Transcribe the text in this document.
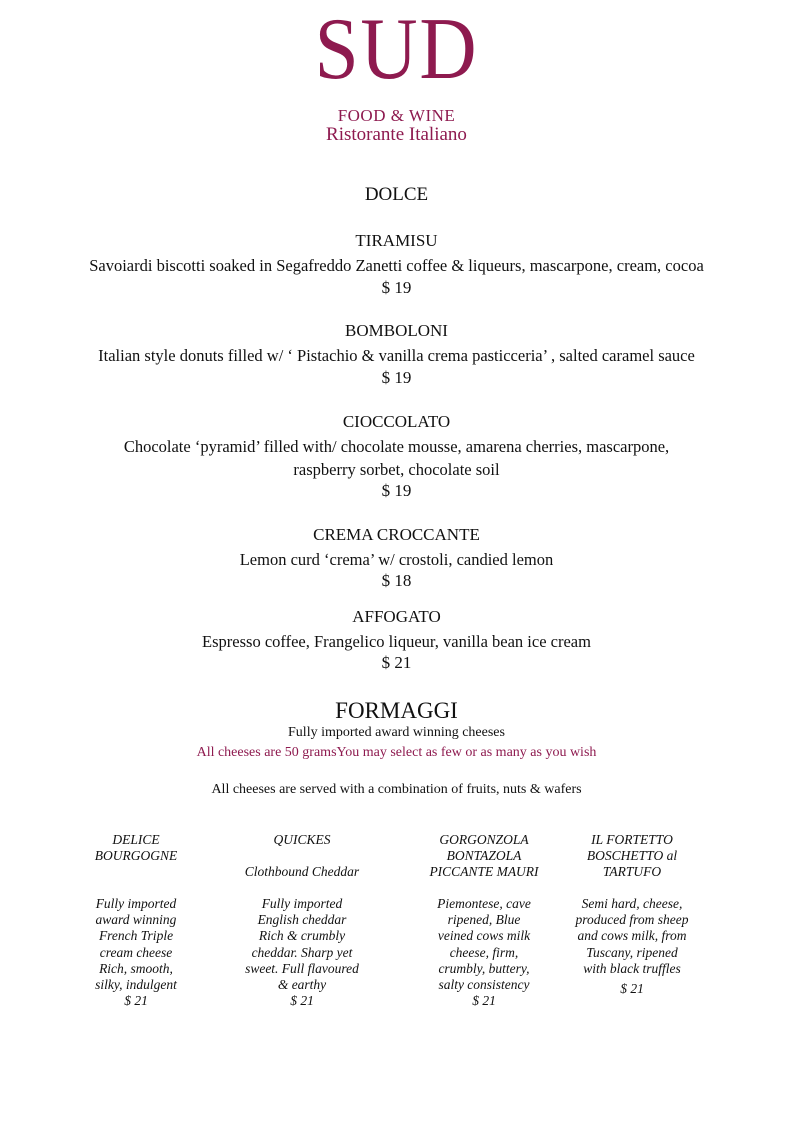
SUD
FOOD & WINE
Ristorante Italiano
DOLCE
TIRAMISU
Savoiardi biscotti soaked in Segafreddo Zanetti coffee & liqueurs, mascarpone, cream, cocoa
$ 19
BOMBOLONI
Italian style donuts filled w/ ‘ Pistachio & vanilla crema pasticceria’ , salted caramel sauce
$ 19
CIOCCOLATO
Chocolate ‘pyramid’ filled with/ chocolate mousse, amarena cherries, mascarpone,
raspberry sorbet, chocolate soil
$ 19
CREMA CROCCANTE
Lemon curd ‘crema’ w/ crostoli, candied lemon
$ 18
AFFOGATO
Espresso coffee, Frangelico liqueur, vanilla bean ice cream
$ 21
FORMAGGI
Fully imported award winning cheeses
All cheeses are 50 gramsYou may select as few or as many as you wish
All cheeses are served with a combination of fruits, nuts & wafers
DELICE
BOURGOGNE
Fully imported
award winning
French Triple
cream cheese
Rich, smooth,
silky, indulgent
$ 21
QUICKES
Clothbound Cheddar
Fully imported
English cheddar
Rich & crumbly
cheddar. Sharp yet
sweet. Full flavoured
& earthy
$ 21
GORGONZOLA
BONTAZOLA
PICCANTE MAURI
Piemontese, cave
ripened, Blue
veined cows milk
cheese, firm,
crumbly, buttery,
salty consistency
$ 21
IL FORTETTO
BOSCHETTO al
TARTUFO
Semi hard, cheese,
produced from sheep
and cows milk, from
Tuscany, ripened
with black truffles
$ 21
